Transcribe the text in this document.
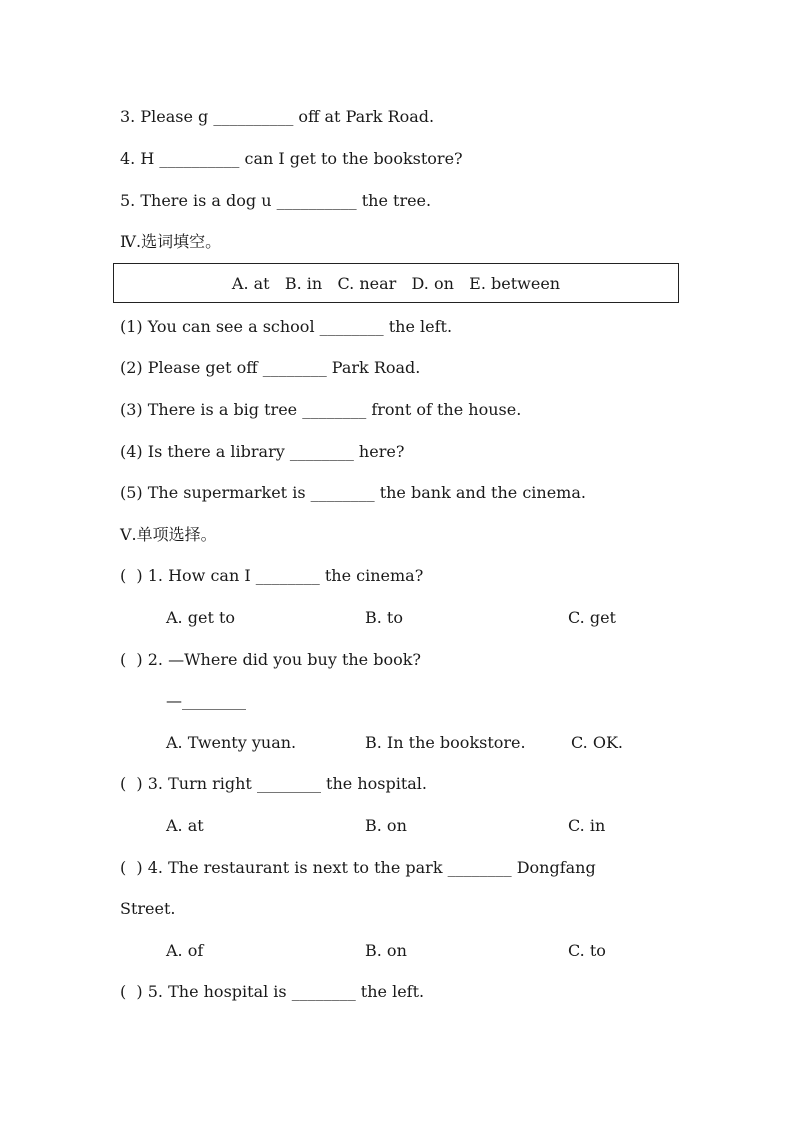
3. Please g __________ off at Park Road.
4. H __________ can I get to the bookstore?
5. There is a dog u __________ the tree.
Ⅳ.选词填空。
A. at   B. in   C. near   D. on   E. between
(1) You can see a school ________ the left.
(2) Please get off ________ Park Road.
(3) There is a big tree ________ front of the house.
(4) Is there a library ________ here?
(5) The supermarket is ________ the bank and the cinema.
Ⅴ.单项选择。
(  ) 1. How can I ________ the cinema?
A. get to	B. to	C. get
(  ) 2. —Where did you buy the book?
—________
A. Twenty yuan.	B. In the bookstore.	C. OK.
(  ) 3. Turn right ________ the hospital.
A. at	B. on	C. in
(  ) 4. The restaurant is next to the park ________ Dongfang
Street.
A. of	B. on	C. to
(  ) 5. The hospital is ________ the left.
